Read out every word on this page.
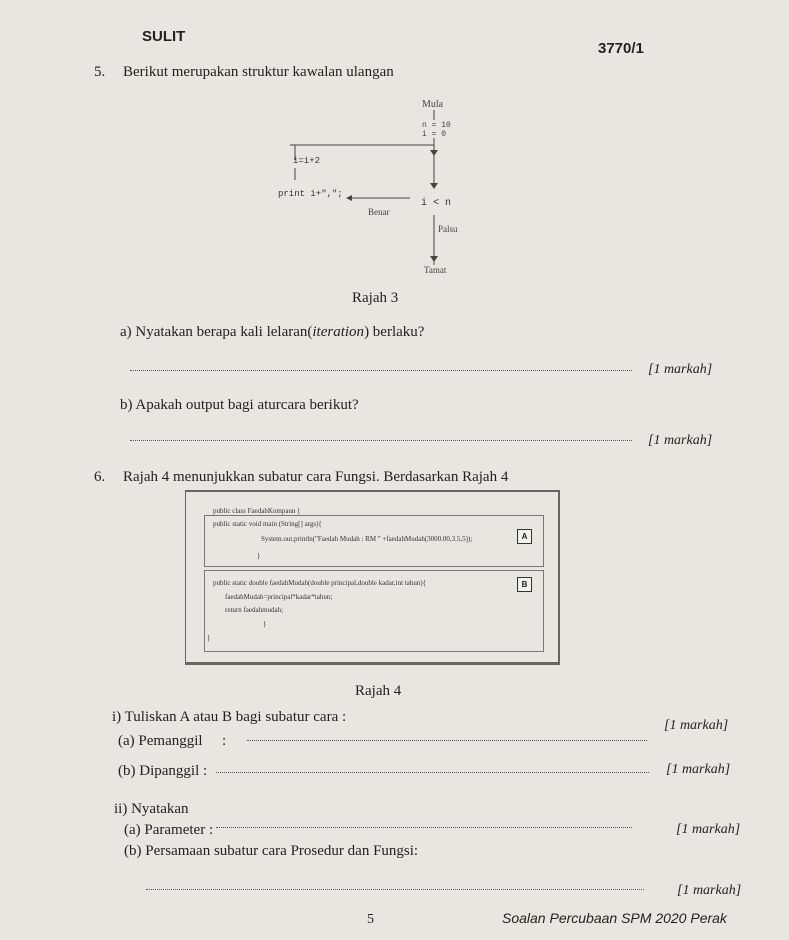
SULIT
3770/1
5. Berikut merupakan struktur kawalan ulangan
Mula
n = 10
i = 0
i=i+2
print i+",";
i < n
Benar
Palsu
Tamat
Rajah 3
a) Nyatakan berapa kali lelaran(iteration) berlaku?
[1 markah]
b) Apakah output bagi aturcara berikut?
[1 markah]
6. Rajah 4 menunjukkan subatur cara Fungsi. Berdasarkan Rajah 4
public class FaedahKompaun {
public static void main (String[] args){
System.out.println("Faedah Mudah : RM " +faedahMudah(3000.00,3.5,5));
}
A
public static double faedahMudah(double principal,double kadar,int tahun){
faedahMudah=principal*kadar*tahun;
return faedahmudah;
}
}
B
Rajah 4
i) Tuliskan A atau B bagi subatur cara :
(a) Pemanggil :
[1 markah]
(b) Dipanggil :	[1 markah]
ii) Nyatakan
(a) Parameter :	[1 markah]
(b) Persamaan subatur cara Prosedur dan Fungsi:
[1 markah]
5	Soalan Percubaan SPM 2020 Perak
